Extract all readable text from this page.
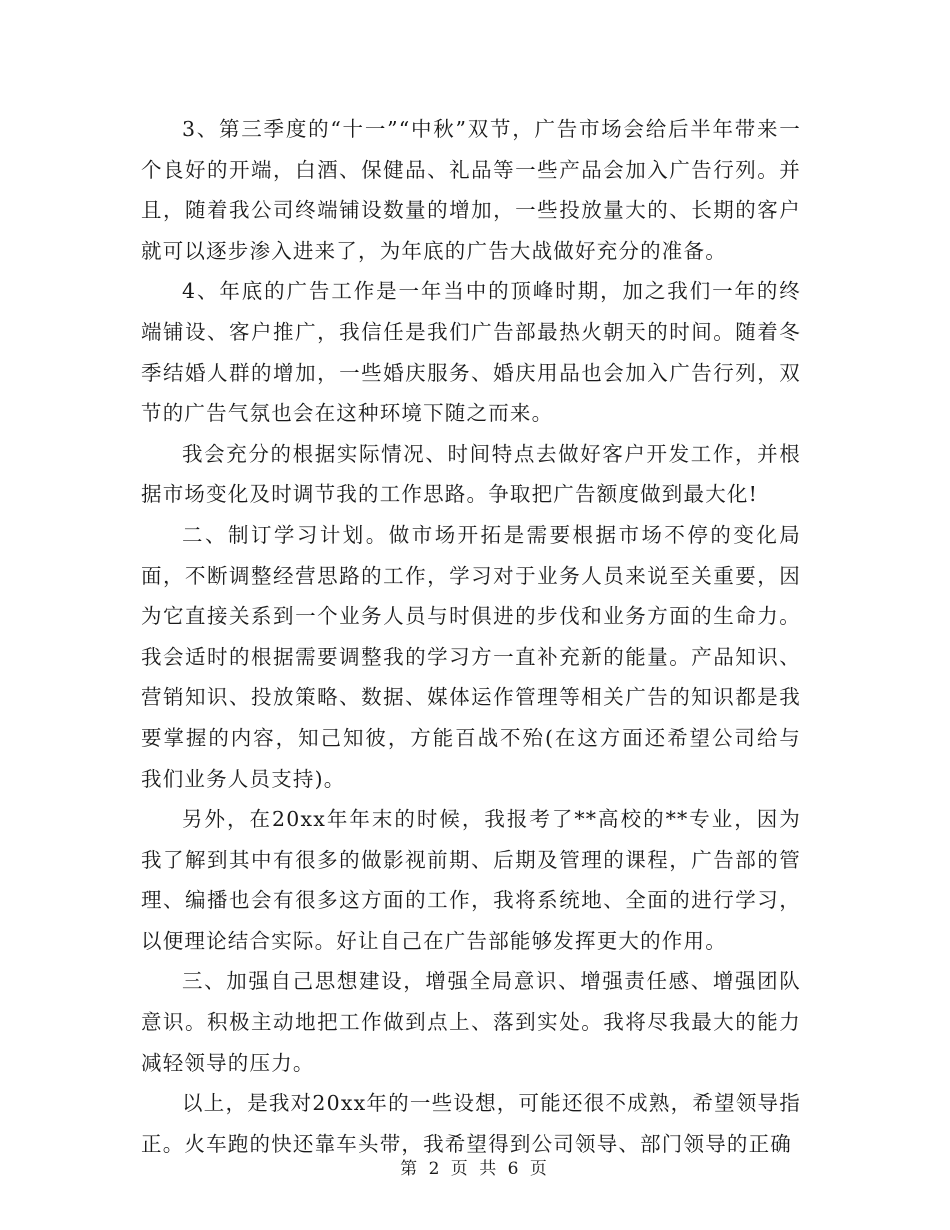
3、第三季度的“十一”“中秋”双节，广告市场会给后半年带来一个良好的开端，白酒、保健品、礼品等一些产品会加入广告行列。并且，随着我公司终端铺设数量的增加，一些投放量大的、长期的客户就可以逐步渗入进来了，为年底的广告大战做好充分的准备。

4、年底的广告工作是一年当中的顶峰时期，加之我们一年的终端铺设、客户推广，我信任是我们广告部最热火朝天的时间。随着冬季结婚人群的增加，一些婚庆服务、婚庆用品也会加入广告行列，双节的广告气氛也会在这种环境下随之而来。

我会充分的根据实际情况、时间特点去做好客户开发工作，并根据市场变化及时调节我的工作思路。争取把广告额度做到最大化!

二、制订学习计划。做市场开拓是需要根据市场不停的变化局面，不断调整经营思路的工作，学习对于业务人员来说至关重要，因为它直接关系到一个业务人员与时俱进的步伐和业务方面的生命力。我会适时的根据需要调整我的学习方一直补充新的能量。产品知识、营销知识、投放策略、数据、媒体运作管理等相关广告的知识都是我要掌握的内容，知己知彼，方能百战不殆(在这方面还希望公司给与我们业务人员支持)。

另外，在20xx年年末的时候，我报考了**高校的**专业，因为我了解到其中有很多的做影视前期、后期及管理的课程，广告部的管理、编播也会有很多这方面的工作，我将系统地、全面的进行学习，以便理论结合实际。好让自己在广告部能够发挥更大的作用。

三、加强自己思想建设，增强全局意识、增强责任感、增强团队意识。积极主动地把工作做到点上、落到实处。我将尽我最大的能力减轻领导的压力。

以上，是我对20xx年的一些设想，可能还很不成熟，希望领导指正。火车跑的快还靠车头带，我希望得到公司领导、部门领导的正确

第 2 页 共 6 页
